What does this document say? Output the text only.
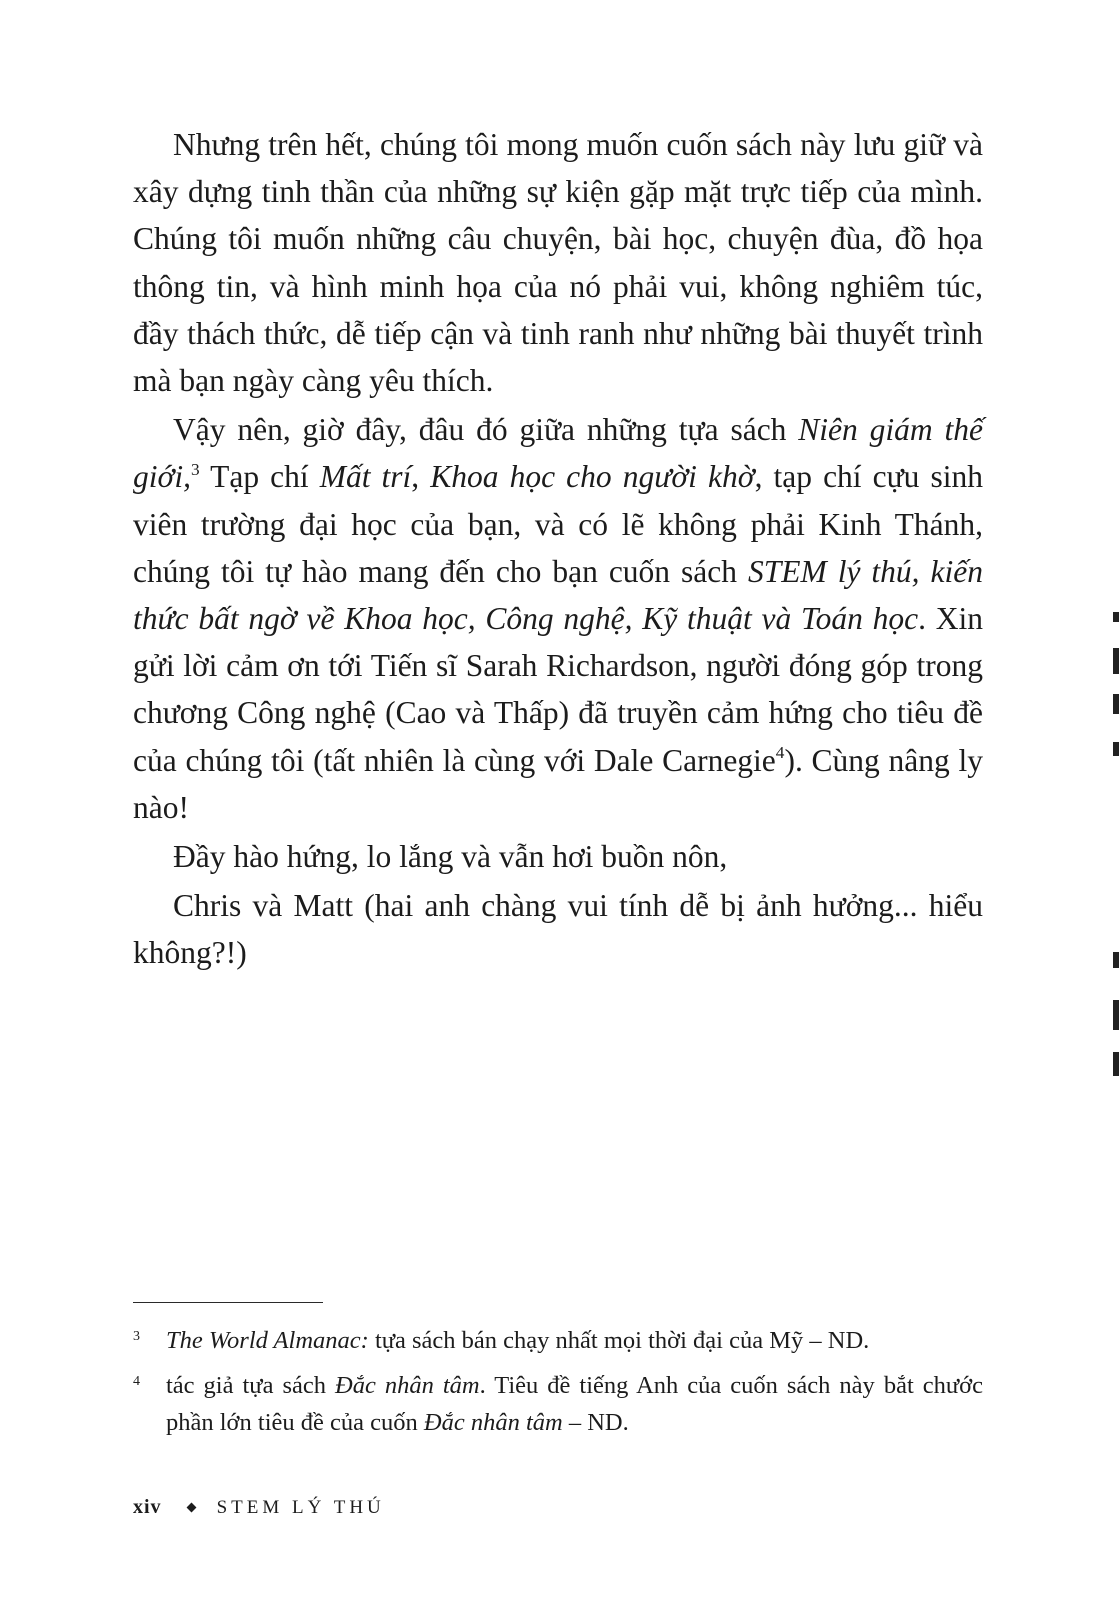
Nhưng trên hết, chúng tôi mong muốn cuốn sách này lưu giữ và xây dựng tinh thần của những sự kiện gặp mặt trực tiếp của mình. Chúng tôi muốn những câu chuyện, bài học, chuyện đùa, đồ họa thông tin, và hình minh họa của nó phải vui, không nghiêm túc, đầy thách thức, dễ tiếp cận và tinh ranh như những bài thuyết trình mà bạn ngày càng yêu thích.

Vậy nên, giờ đây, đâu đó giữa những tựa sách Niên giám thế giới,$^3$ Tạp chí Mất trí, Khoa học cho người khờ, tạp chí cựu sinh viên trường đại học của bạn, và có lẽ không phải Kinh Thánh, chúng tôi tự hào mang đến cho bạn cuốn sách STEM lý thú, kiến thức bất ngờ về Khoa học, Công nghệ, Kỹ thuật và Toán học. Xin gửi lời cảm ơn tới Tiến sĩ Sarah Richardson, người đóng góp trong chương Công nghệ (Cao và Thấp) đã truyền cảm hứng cho tiêu đề của chúng tôi (tất nhiên là cùng với Dale Carnegie$^4$). Cùng nâng ly nào!

Đầy hào hứng, lo lắng và vẫn hơi buồn nôn,

Chris và Matt (hai anh chàng vui tính dễ bị ảnh hưởng... hiểu không?!)

3 The World Almanac: tựa sách bán chạy nhất mọi thời đại của Mỹ – ND.
4 tác giả tựa sách Đắc nhân tâm. Tiêu đề tiếng Anh của cuốn sách này bắt chước phần lớn tiêu đề của cuốn Đắc nhân tâm – ND.
xiv	STEM LÝ THÚ
